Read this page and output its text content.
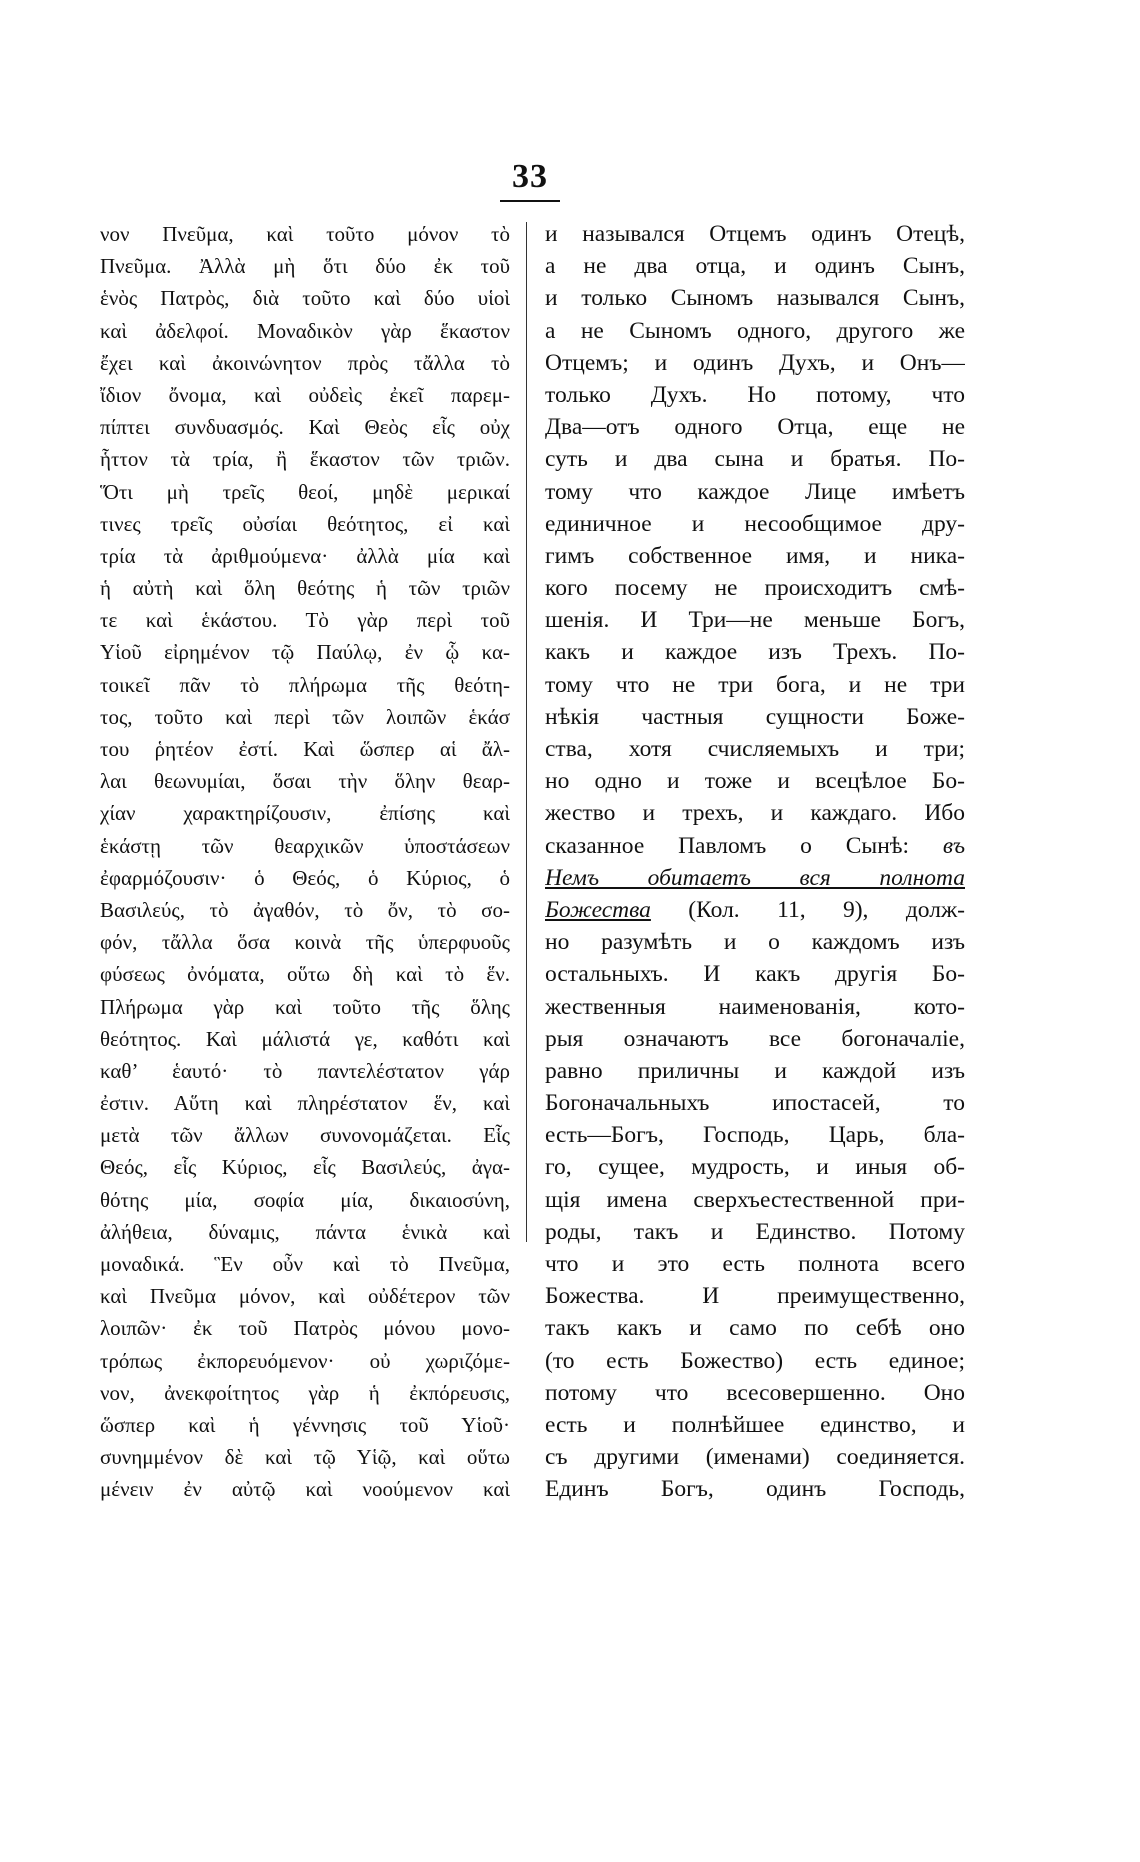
33
νον Πνεῦμα, καὶ τοῦτο μόνον τὸ
Πνεῦμα. Ἀλλὰ μὴ ὅτι δύο ἐκ τοῦ
ἑνὸς Πατρὸς, διὰ τοῦτο καὶ δύο υἱοὶ
καὶ ἀδελφοί. Μοναδικὸν γὰρ ἕκαστον
ἔχει καὶ ἀκοινώνητον πρὸς τἄλλα τὸ
ἴδιον ὄνομα, καὶ οὐδεὶς ἐκεῖ παρεμ-
πίπτει συνδυασμός. Καὶ Θεὸς εἷς οὐχ
ἧττον τὰ τρία, ἢ ἕκαστον τῶν τριῶν.
Ὅτι μὴ τρεῖς θεοί, μηδὲ μερικαί
τινες τρεῖς οὐσίαι θεότητος, εἰ καὶ
τρία τὰ ἀριθμούμενα· ἀλλὰ μία καὶ
ἡ αὐτὴ καὶ ὅλη θεότης ἡ τῶν τριῶν
τε καὶ ἑκάστου. Τὸ γὰρ περὶ τοῦ
Υἱοῦ εἰρημένον τῷ Παύλῳ, ἐν ᾧ κα-
τοικεῖ πᾶν τὸ πλήρωμα τῆς θεότη-
τος, τοῦτο καὶ περὶ τῶν λοιπῶν ἑκάσ
του ῥητέον ἐστί. Καὶ ὥσπερ αἱ ἄλ-
λαι θεωνυμίαι, ὅσαι τὴν ὅλην θεαρ-
χίαν χαρακτηρίζουσιν, ἐπίσης καὶ
ἑκάστῃ τῶν θεαρχικῶν ὑποστάσεων
ἐφαρμόζουσιν· ὁ Θεός, ὁ Κύριος, ὁ
Βασιλεύς, τὸ ἀγαθόν, τὸ ὄν, τὸ σο-
φόν, τἄλλα ὅσα κοινὰ τῆς ὑπερφυοῦς
φύσεως ὀνόματα, οὕτω δὴ καὶ τὸ ἕν.
Πλήρωμα γὰρ καὶ τοῦτο τῆς ὅλης
θεότητος. Καὶ μάλιστά γε, καθότι καὶ
καθ’ ἑαυτό· τὸ παντελέστατον γάρ
ἐστιν. Αὕτη καὶ πληρέστατον ἕν, καὶ
μετὰ τῶν ἄλλων συνονομάζεται. Εἷς
Θεός, εἷς Κύριος, εἷς Βασιλεύς, ἀγα-
θότης μία, σοφία μία, δικαιοσύνη,
ἀλήθεια, δύναμις, πάντα ἑνικὰ καὶ
μοναδικά. Ἓν οὖν καὶ τὸ Πνεῦμα,
καὶ Πνεῦμα μόνον, καὶ οὐδέτερον τῶν
λοιπῶν· ἐκ τοῦ Πατρὸς μόνου μονο-
τρόπως ἐκπορευόμενον· οὐ χωριζόμε-
νον, ἀνεκφοίτητος γὰρ ἡ ἐκπόρευσις,
ὥσπερ καὶ ἡ γέννησις τοῦ Υἱοῦ·
συνημμένον δὲ καὶ τῷ Υἱῷ, καὶ οὕτω
μένειν ἐν αὐτῷ καὶ νοούμενον καὶ
и назывался Отцемъ одинъ Отецѣ,
а не два отца, и одинъ Сынъ,
и только Сыномъ назывался Сынъ,
а не Сыномъ одного, другого же
Отцемъ; и одинъ Духъ, и Онъ—
только Духъ. Но потому, что
Два—отъ одного Отца, еще не
суть и два сына и братья. По-
тому что каждое Лице имѣетъ
единичное и несообщимое дру-
гимъ собственное имя, и ника-
кого посему не происходитъ смѣ-
шенія. И Три—не меньше Богъ,
какъ и каждое изъ Трехъ. По-
тому что не три бога, и не три
нѣкія частныя сущности Боже-
ства, хотя счисляемыхъ и три;
но одно и тоже и всецѣлое Бо-
жество и трехъ, и каждаго. Ибо
сказанное Павломъ о Сынѣ: въ
Немъ обитаетъ вся полнота
Божества (Кол. 11, 9), долж-
но разумѣть и о каждомъ изъ
остальныхъ. И какъ другія Бо-
жественныя наименованія, кото-
рыя означаютъ все богоначаліе,
равно приличны и каждой изъ
Богоначальныхъ ипостасей, то
есть—Богъ, Господь, Царь, бла-
го, сущее, мудрость, и иныя об-
щія имена сверхъестественной при-
роды, такъ и Единство. Потому
что и это есть полнота всего
Божества. И преимущественно,
такъ какъ и само по себѣ оно
(то есть Божество) есть единое;
потому что всесовершенно. Оно
есть и полнѣйшее единство, и
съ другими (именами) соединяется.
Единъ Богъ, одинъ Господь,
